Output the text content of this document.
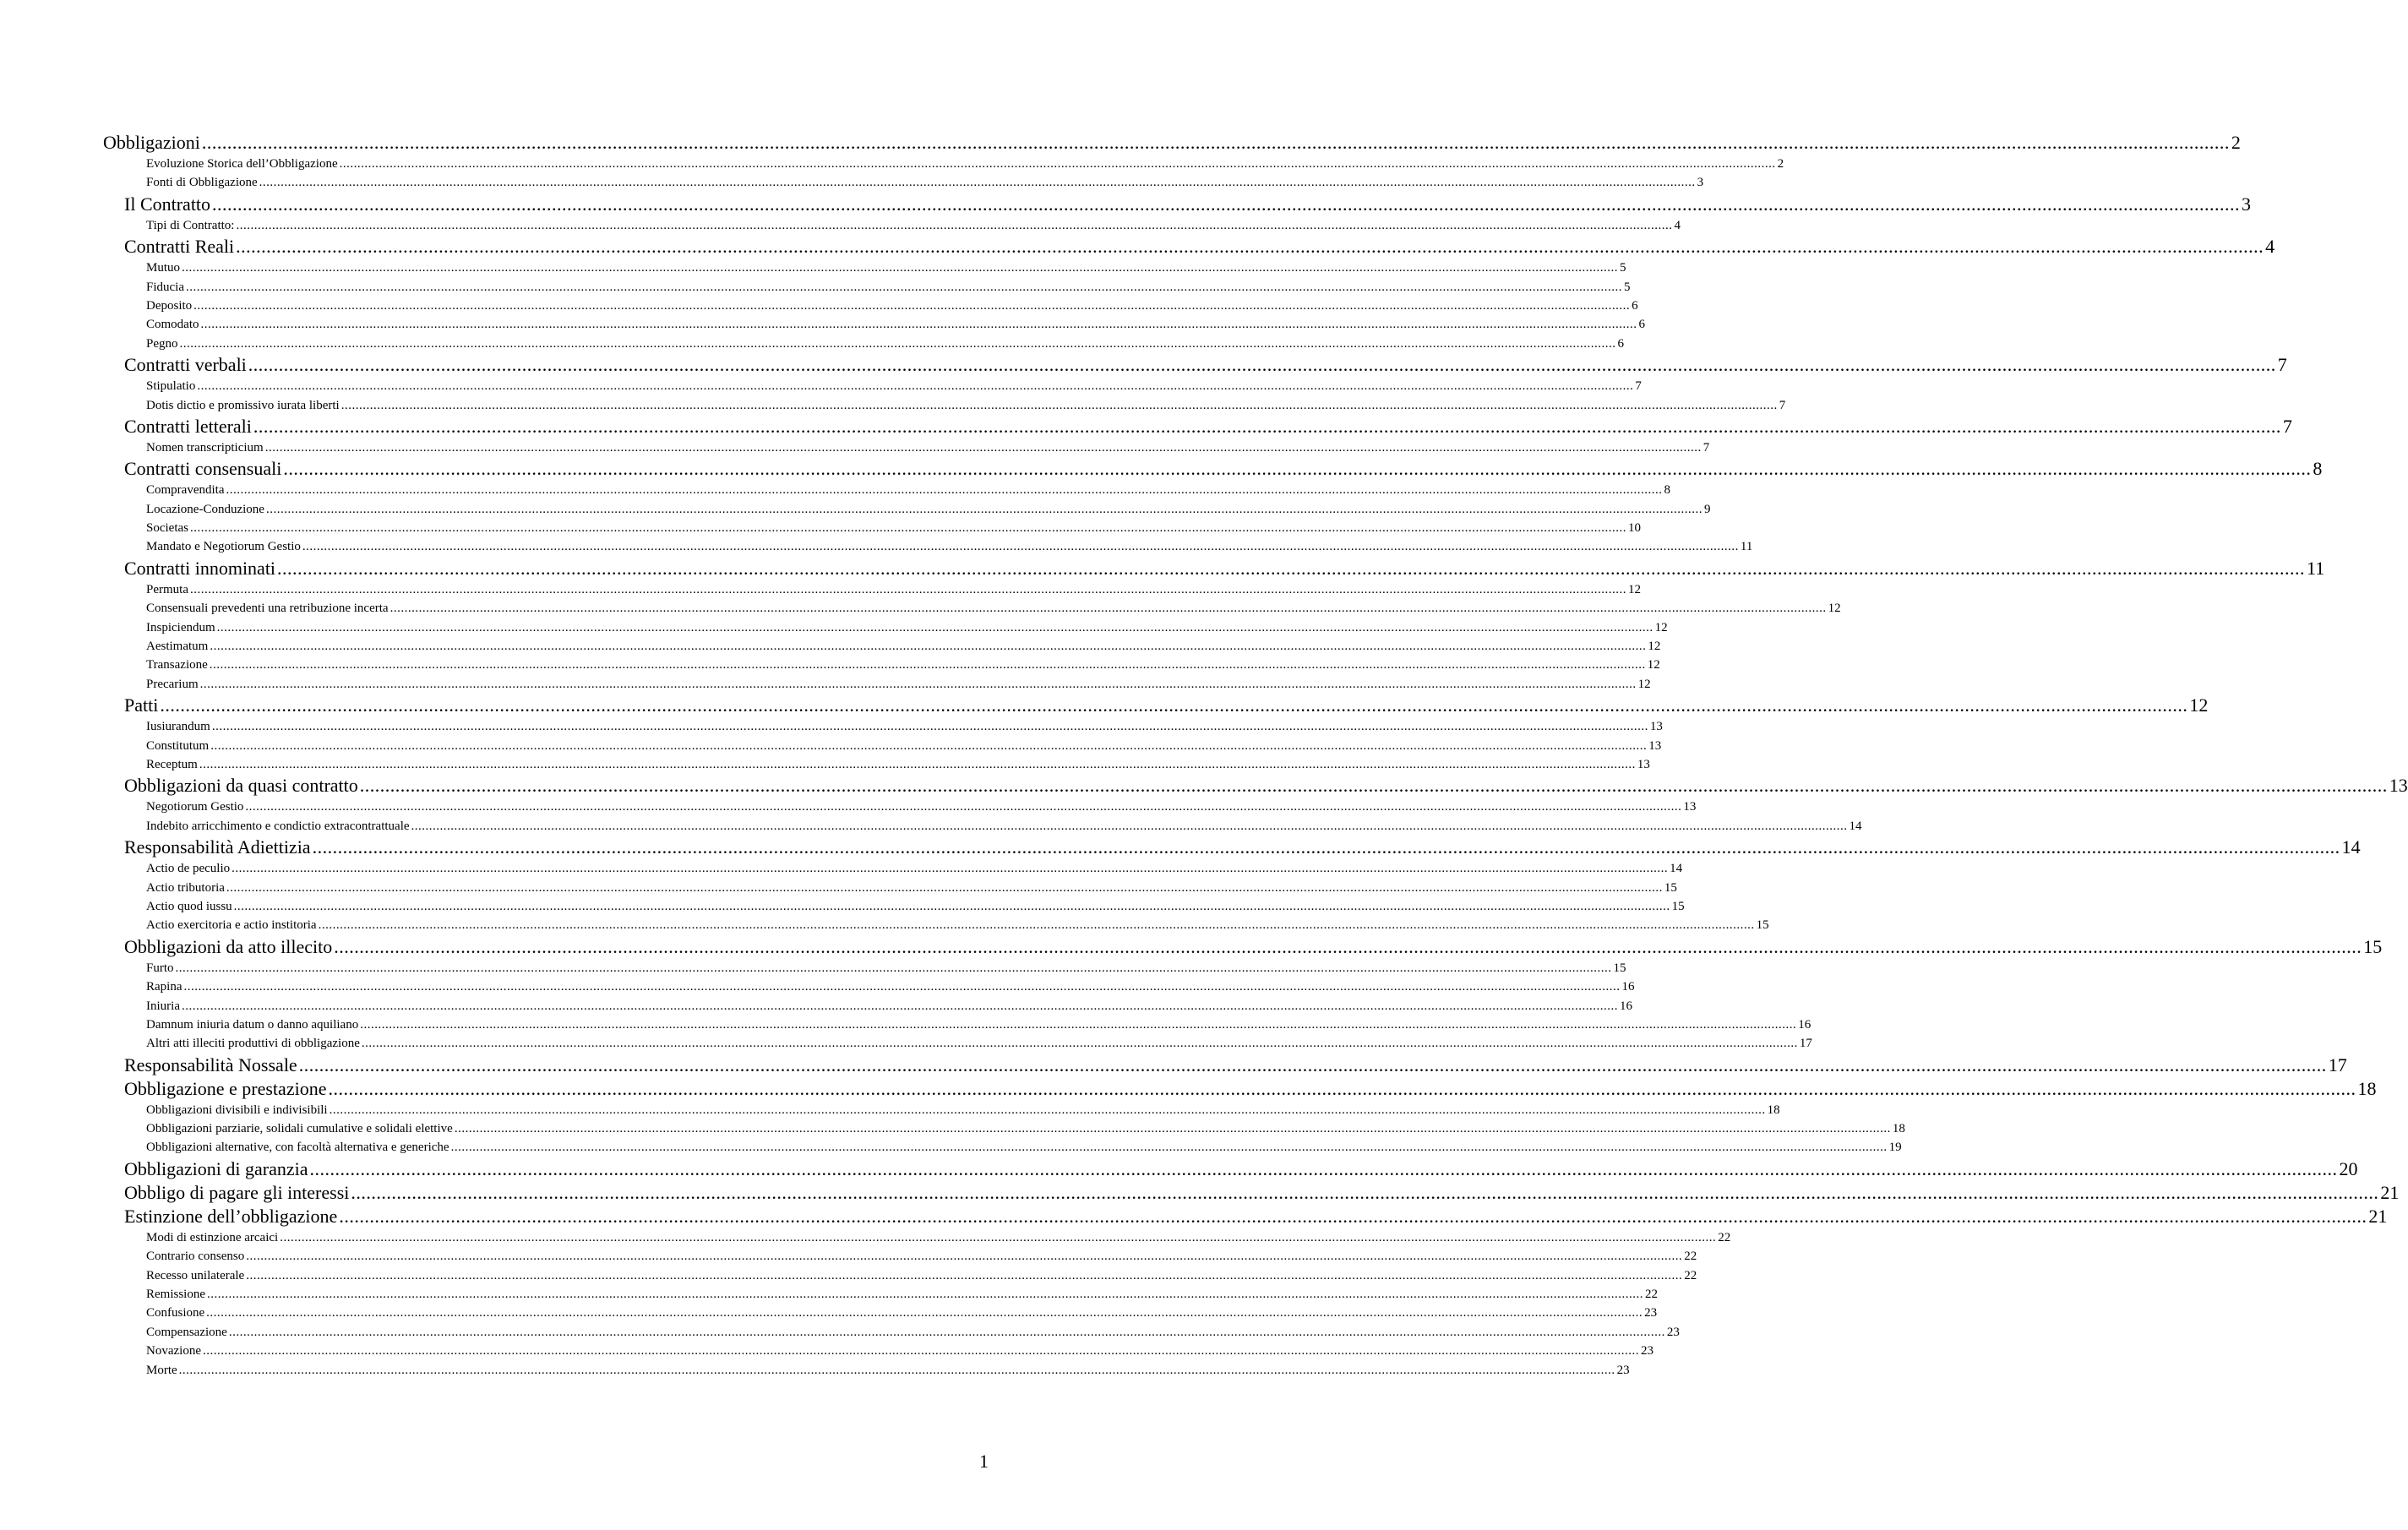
Obbligazioni ................................................................................................................................................................................................................................................................................................................................................................................................................ 2
Evoluzione Storica dell’Obbligazione ................................................................................................................................................................................................................................................................................................................................................................................................................ 2
Fonti di Obbligazione ................................................................................................................................................................................................................................................................................................................................................................................................................ 3
Il Contratto ................................................................................................................................................................................................................................................................................................................................................................................................................ 3
Tipi di Contratto: ................................................................................................................................................................................................................................................................................................................................................................................................................ 4
Contratti Reali ................................................................................................................................................................................................................................................................................................................................................................................................................ 4
Mutuo ................................................................................................................................................................................................................................................................................................................................................................................................................ 5
Fiducia ................................................................................................................................................................................................................................................................................................................................................................................................................ 5
Deposito ................................................................................................................................................................................................................................................................................................................................................................................................................ 6
Comodato ................................................................................................................................................................................................................................................................................................................................................................................................................ 6
Pegno ................................................................................................................................................................................................................................................................................................................................................................................................................ 6
Contratti verbali ................................................................................................................................................................................................................................................................................................................................................................................................................ 7
Stipulatio ................................................................................................................................................................................................................................................................................................................................................................................................................ 7
Dotis dictio e promissivo iurata liberti ................................................................................................................................................................................................................................................................................................................................................................................................................ 7
Contratti letterali ................................................................................................................................................................................................................................................................................................................................................................................................................ 7
Nomen transcripticium ................................................................................................................................................................................................................................................................................................................................................................................................................ 7
Contratti consensuali ................................................................................................................................................................................................................................................................................................................................................................................................................ 8
Compravendita ................................................................................................................................................................................................................................................................................................................................................................................................................ 8
Locazione-Conduzione ................................................................................................................................................................................................................................................................................................................................................................................................................ 9
Societas ................................................................................................................................................................................................................................................................................................................................................................................................................ 10
Mandato e Negotiorum Gestio ................................................................................................................................................................................................................................................................................................................................................................................................................ 11
Contratti innominati ................................................................................................................................................................................................................................................................................................................................................................................................................ 11
Permuta ................................................................................................................................................................................................................................................................................................................................................................................................................ 12
Consensuali prevedenti una retribuzione incerta ................................................................................................................................................................................................................................................................................................................................................................................................................ 12
Inspiciendum ................................................................................................................................................................................................................................................................................................................................................................................................................ 12
Aestimatum ................................................................................................................................................................................................................................................................................................................................................................................................................ 12
Transazione ................................................................................................................................................................................................................................................................................................................................................................................................................ 12
Precarium ................................................................................................................................................................................................................................................................................................................................................................................................................ 12
Patti ................................................................................................................................................................................................................................................................................................................................................................................................................ 12
Iusiurandum ................................................................................................................................................................................................................................................................................................................................................................................................................ 13
Constitutum ................................................................................................................................................................................................................................................................................................................................................................................................................ 13
Receptum ................................................................................................................................................................................................................................................................................................................................................................................................................ 13
Obbligazioni da quasi contratto ................................................................................................................................................................................................................................................................................................................................................................................................................ 13
Negotiorum Gestio ................................................................................................................................................................................................................................................................................................................................................................................................................ 13
Indebito arricchimento e condictio extracontrattuale ................................................................................................................................................................................................................................................................................................................................................................................................................ 14
Responsabilità Adiettizia ................................................................................................................................................................................................................................................................................................................................................................................................................ 14
Actio de peculio ................................................................................................................................................................................................................................................................................................................................................................................................................ 14
Actio tributoria ................................................................................................................................................................................................................................................................................................................................................................................................................ 15
Actio quod iussu ................................................................................................................................................................................................................................................................................................................................................................................................................ 15
Actio exercitoria e actio institoria ................................................................................................................................................................................................................................................................................................................................................................................................................ 15
Obbligazioni da atto illecito ................................................................................................................................................................................................................................................................................................................................................................................................................ 15
Furto ................................................................................................................................................................................................................................................................................................................................................................................................................ 15
Rapina ................................................................................................................................................................................................................................................................................................................................................................................................................ 16
Iniuria ................................................................................................................................................................................................................................................................................................................................................................................................................ 16
Damnum iniuria datum o danno aquiliano ................................................................................................................................................................................................................................................................................................................................................................................................................ 16
Altri atti illeciti produttivi di obbligazione ................................................................................................................................................................................................................................................................................................................................................................................................................ 17
Responsabilità Nossale ................................................................................................................................................................................................................................................................................................................................................................................................................ 17
Obbligazione e prestazione ................................................................................................................................................................................................................................................................................................................................................................................................................ 18
Obbligazioni divisibili e indivisibili ................................................................................................................................................................................................................................................................................................................................................................................................................ 18
Obbligazioni parziarie, solidali cumulative e solidali elettive ................................................................................................................................................................................................................................................................................................................................................................................................................ 18
Obbligazioni alternative, con facoltà alternativa e generiche ................................................................................................................................................................................................................................................................................................................................................................................................................ 19
Obbligazioni di garanzia ................................................................................................................................................................................................................................................................................................................................................................................................................ 20
Obbligo di pagare gli interessi ................................................................................................................................................................................................................................................................................................................................................................................................................ 21
Estinzione dell’obbligazione ................................................................................................................................................................................................................................................................................................................................................................................................................ 21
Modi di estinzione arcaici ................................................................................................................................................................................................................................................................................................................................................................................................................ 22
Contrario consenso ................................................................................................................................................................................................................................................................................................................................................................................................................ 22
Recesso unilaterale ................................................................................................................................................................................................................................................................................................................................................................................................................ 22
Remissione ................................................................................................................................................................................................................................................................................................................................................................................................................ 22
Confusione ................................................................................................................................................................................................................................................................................................................................................................................................................ 23
Compensazione ................................................................................................................................................................................................................................................................................................................................................................................................................ 23
Novazione ................................................................................................................................................................................................................................................................................................................................................................................................................ 23
Morte ................................................................................................................................................................................................................................................................................................................................................................................................................ 23
1
